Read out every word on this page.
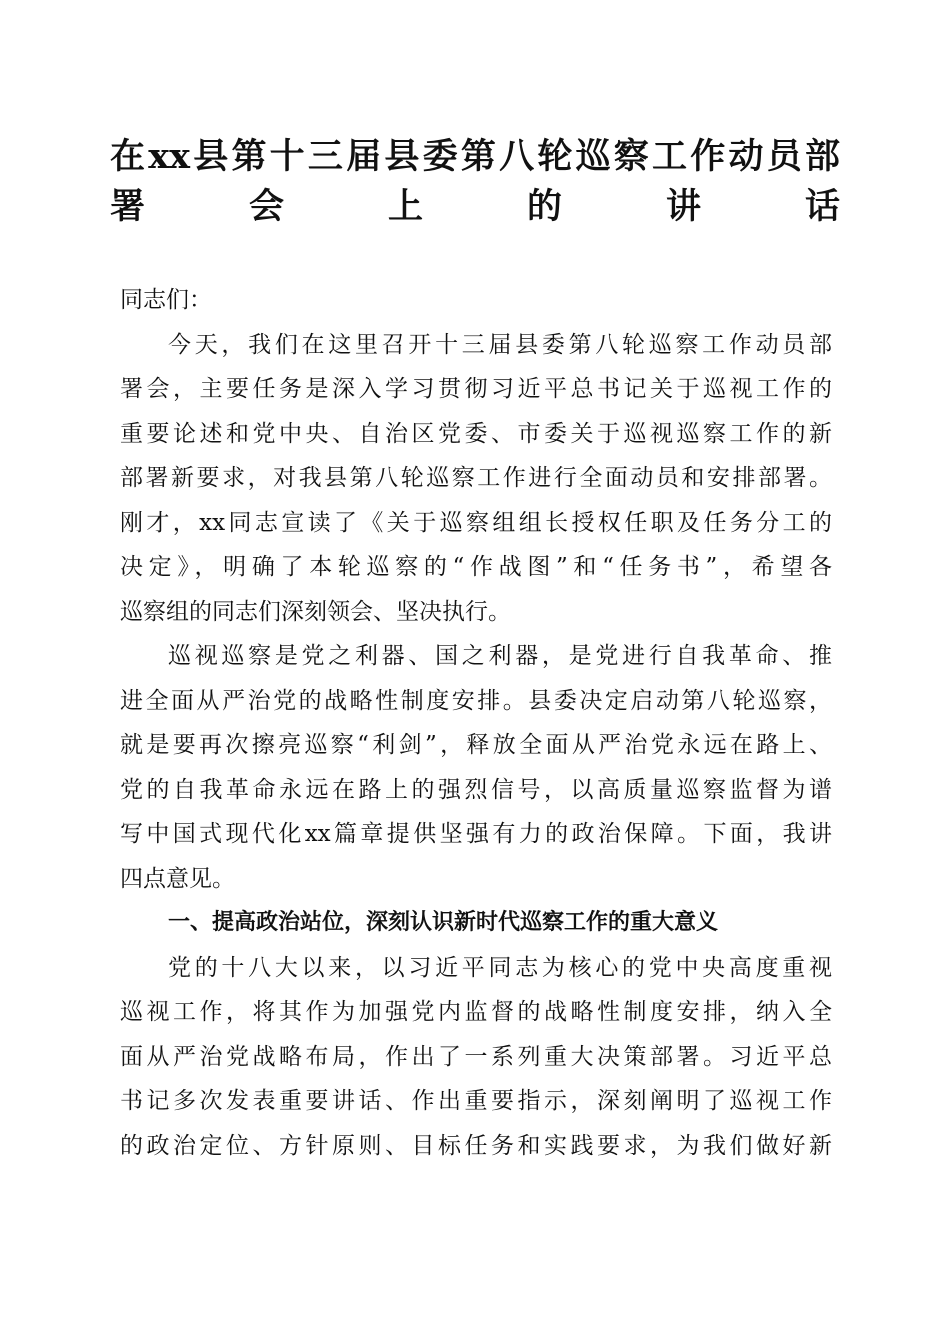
在xx县第十三届县委第八轮巡察工作动员部
署会上的讲话
同志们：
今天，我们在这里召开十三届县委第八轮巡察工作动员部
署会，主要任务是深入学习贯彻习近平总书记关于巡视工作的
重要论述和党中央、自治区党委、市委关于巡视巡察工作的新
部署新要求，对我县第八轮巡察工作进行全面动员和安排部署。
刚才，xx同志宣读了《关于巡察组组长授权任职及任务分工的
决定》，明确了本轮巡察的“作战图”和“任务书”，希望各
巡察组的同志们深刻领会、坚决执行。
巡视巡察是党之利器、国之利器，是党进行自我革命、推
进全面从严治党的战略性制度安排。县委决定启动第八轮巡察，
就是要再次擦亮巡察“利剑”，释放全面从严治党永远在路上、
党的自我革命永远在路上的强烈信号，以高质量巡察监督为谱
写中国式现代化xx篇章提供坚强有力的政治保障。下面，我讲
四点意见。
一、提高政治站位，深刻认识新时代巡察工作的重大意义
党的十八大以来，以习近平同志为核心的党中央高度重视
巡视工作，将其作为加强党内监督的战略性制度安排，纳入全
面从严治党战略布局，作出了一系列重大决策部署。习近平总
书记多次发表重要讲话、作出重要指示，深刻阐明了巡视工作
的政治定位、方针原则、目标任务和实践要求，为我们做好新
